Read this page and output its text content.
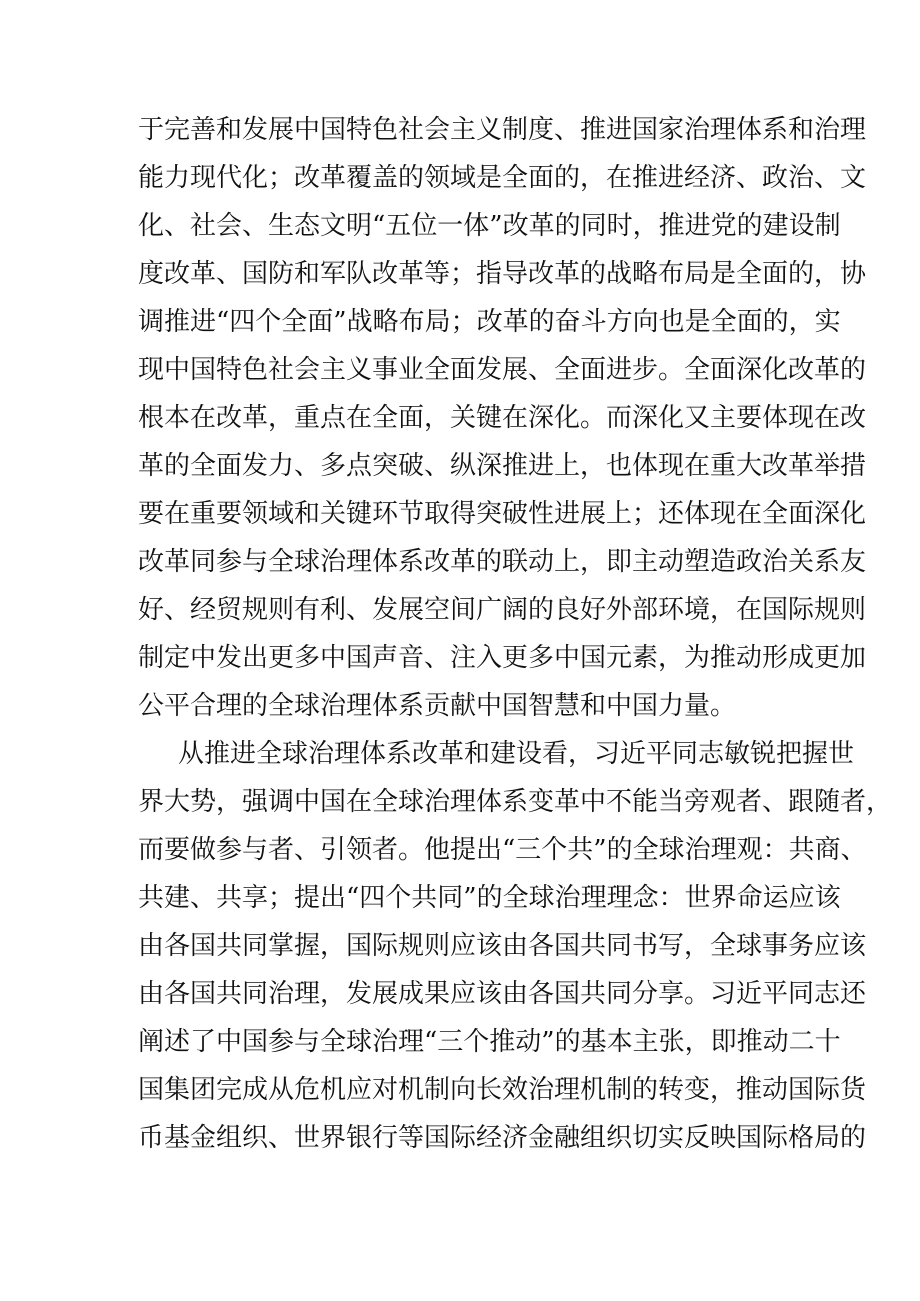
于完善和发展中国特色社会主义制度、推进国家治理体系和治理
能力现代化；改革覆盖的领域是全面的，在推进经济、政治、文
化、社会、生态文明“五位一体”改革的同时，推进党的建设制
度改革、国防和军队改革等；指导改革的战略布局是全面的，协
调推进“四个全面”战略布局；改革的奋斗方向也是全面的，实
现中国特色社会主义事业全面发展、全面进步。全面深化改革的
根本在改革，重点在全面，关键在深化。而深化又主要体现在改
革的全面发力、多点突破、纵深推进上，也体现在重大改革举措
要在重要领域和关键环节取得突破性进展上；还体现在全面深化
改革同参与全球治理体系改革的联动上，即主动塑造政治关系友
好、经贸规则有利、发展空间广阔的良好外部环境，在国际规则
制定中发出更多中国声音、注入更多中国元素，为推动形成更加
公平合理的全球治理体系贡献中国智慧和中国力量。
从推进全球治理体系改革和建设看，习近平同志敏锐把握世
界大势，强调中国在全球治理体系变革中不能当旁观者、跟随者，
而要做参与者、引领者。他提出“三个共”的全球治理观：共商、
共建、共享；提出“四个共同”的全球治理理念：世界命运应该
由各国共同掌握，国际规则应该由各国共同书写，全球事务应该
由各国共同治理，发展成果应该由各国共同分享。习近平同志还
阐述了中国参与全球治理“三个推动”的基本主张，即推动二十
国集团完成从危机应对机制向长效治理机制的转变，推动国际货
币基金组织、世界银行等国际经济金融组织切实反映国际格局的
